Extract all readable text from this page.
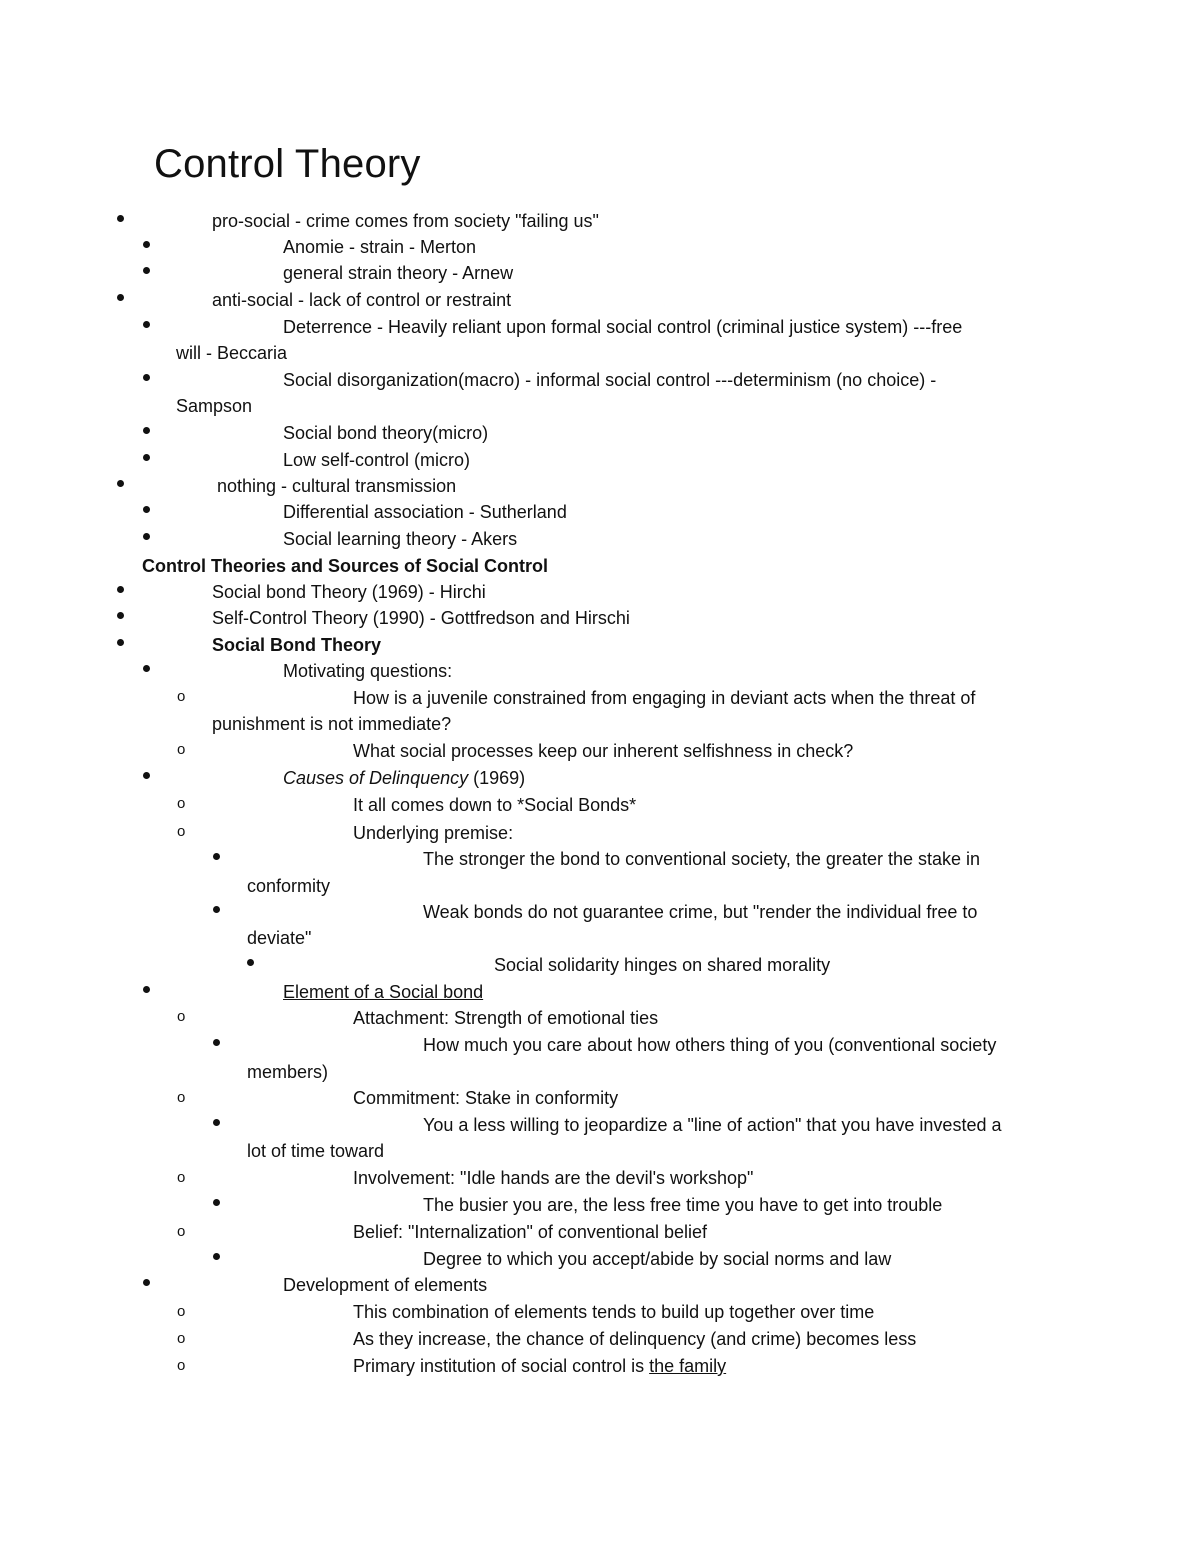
Control Theory
pro-social - crime comes from society "failing us"
Anomie - strain - Merton
general strain theory - Arnew
anti-social - lack of control or restraint
Deterrence - Heavily reliant upon formal social control (criminal justice system) ---free
will - Beccaria
Social disorganization(macro) - informal social control ---determinism (no choice) -
Sampson
Social bond theory(micro)
Low self-control (micro)
nothing - cultural transmission
Differential association - Sutherland
Social learning theory - Akers
Control Theories and Sources of Social Control
Social bond Theory (1969) - Hirchi
Self-Control Theory (1990) - Gottfredson and Hirschi
Social Bond Theory
Motivating questions:
o	How is a juvenile constrained from engaging in deviant acts when the threat of
punishment is not immediate?
o	What social processes keep our inherent selfishness in check?
Causes of Delinquency (1969)
o	It all comes down to *Social Bonds*
o	Underlying premise:
The stronger the bond to conventional society, the greater the stake in
conformity
Weak bonds do not guarantee crime, but "render the individual free to
deviate"
Social solidarity hinges on shared morality
Element of a Social bond
o	Attachment: Strength of emotional ties
How much you care about how others thing of you (conventional society
members)
o	Commitment: Stake in conformity
You a less willing to jeopardize a "line of action" that you have invested a
lot of time toward
o	Involvement: "Idle hands are the devil's workshop"
The busier you are, the less free time you have to get into trouble
o	Belief: "Internalization" of conventional belief
Degree to which you accept/abide by social norms and law
Development of elements
o	This combination of elements tends to build up together over time
o	As they increase, the chance of delinquency (and crime) becomes less
o	Primary institution of social control is the family
